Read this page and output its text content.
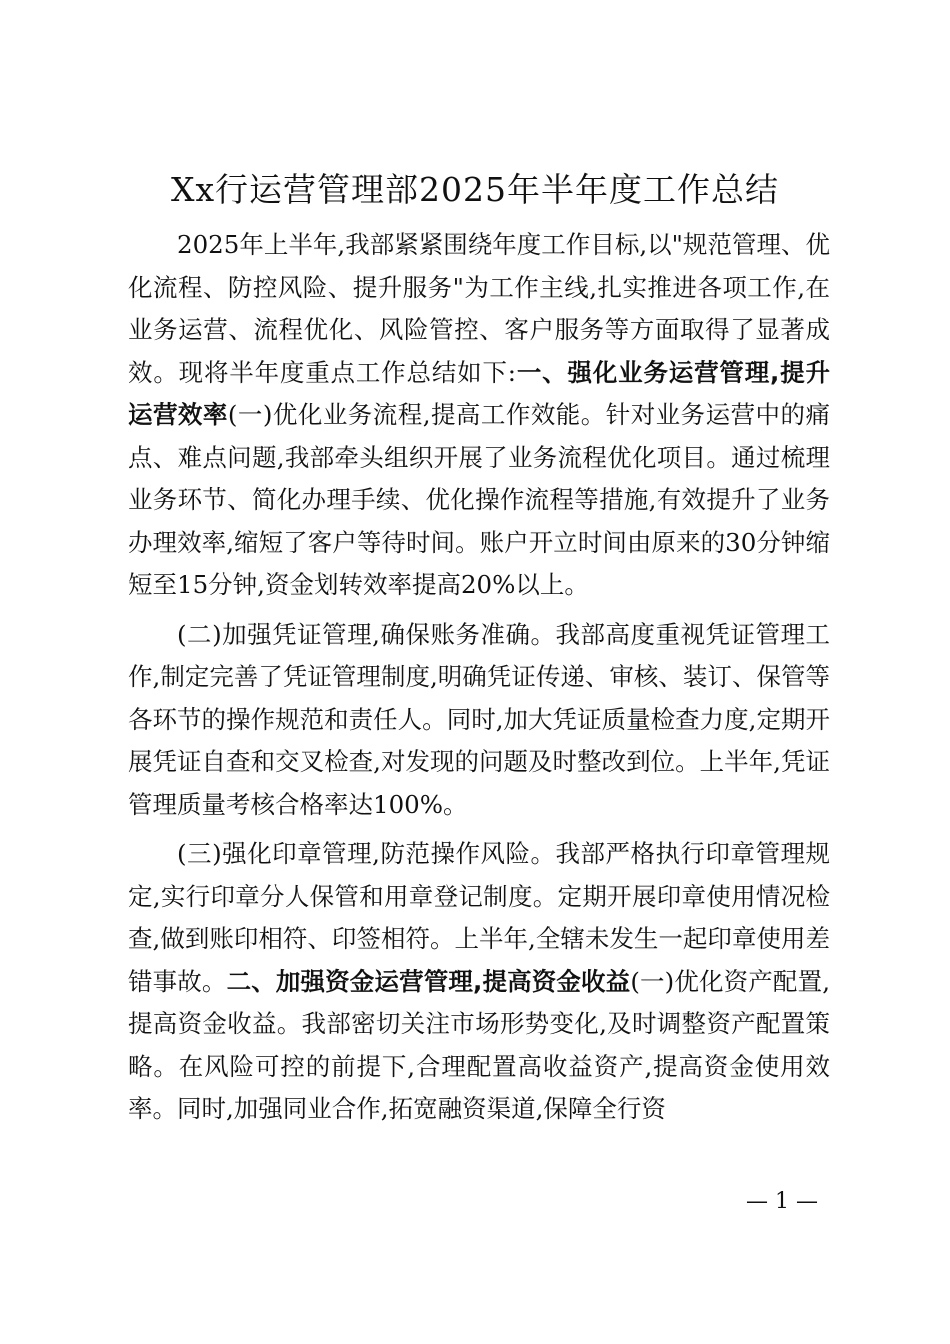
Xx行运营管理部2025年半年度工作总结

2025年上半年,我部紧紧围绕年度工作目标,以"规范管理、优化流程、防控风险、提升服务"为工作主线,扎实推进各项工作,在业务运营、流程优化、风险管控、客户服务等方面取得了显著成效。现将半年度重点工作总结如下:一、强化业务运营管理,提升运营效率(一)优化业务流程,提高工作效能。针对业务运营中的痛点、难点问题,我部牵头组织开展了业务流程优化项目。通过梳理业务环节、简化办理手续、优化操作流程等措施,有效提升了业务办理效率,缩短了客户等待时间。账户开立时间由原来的30分钟缩短至15分钟,资金划转效率提高20%以上。

(二)加强凭证管理,确保账务准确。我部高度重视凭证管理工作,制定完善了凭证管理制度,明确凭证传递、审核、装订、保管等各环节的操作规范和责任人。同时,加大凭证质量检查力度,定期开展凭证自查和交叉检查,对发现的问题及时整改到位。上半年,凭证管理质量考核合格率达100%。

(三)强化印章管理,防范操作风险。我部严格执行印章管理规定,实行印章分人保管和用章登记制度。定期开展印章使用情况检查,做到账印相符、印签相符。上半年,全辖未发生一起印章使用差错事故。二、加强资金运营管理,提高资金收益(一)优化资产配置,提高资金收益。我部密切关注市场形势变化,及时调整资产配置策略。在风险可控的前提下,合理配置高收益资产,提高资金使用效率。同时,加强同业合作,拓宽融资渠道,保障全行资

— 1 —
